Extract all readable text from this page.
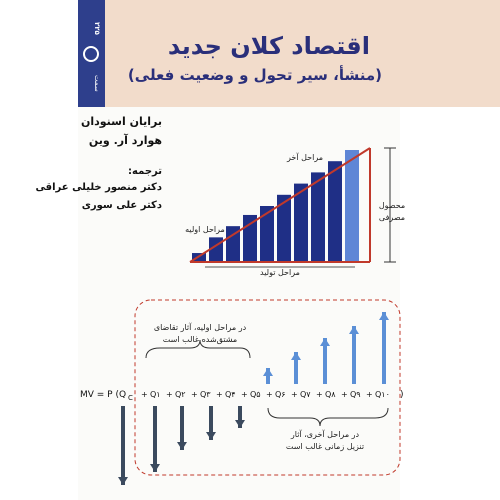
۲۲۵
سمت
اقتصاد کلان جدید
(منشأ، سیر تحول و وضعیت فعلی)
برایان اسنودان
هوارد آر. وین
ترجمه:
دکتر منصور خلیلی عراقی
دکتر علی سوری
مراحل آخر
مراحل اولیه
مراحل تولید
محصول
مصرفی
در مراحل اولیه، آثار تقاضای
مشتق‌شده غالب است
MV = P (Q C Q۱
+	Q۲
+	Q۳
+	Q۴
+	Q۵
+	Q۶
+	Q۷
+	Q۸
+	Q۹
+	Q۱۰
+	)
در مراحل آخری، آثار
تنزیل زمانی غالب است
